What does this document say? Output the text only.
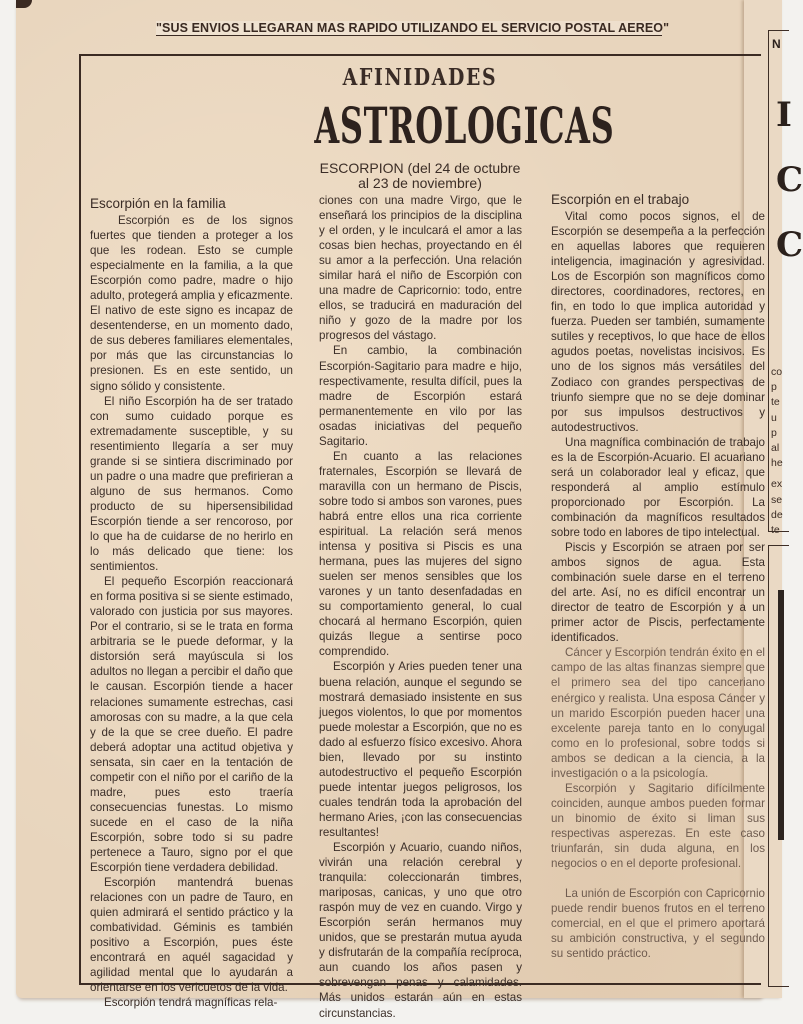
N
I
C
C
co
p
te
u
p
al
he
ex
se
de
te
"SUS ENVIOS LLEGARAN MAS RAPIDO UTILIZANDO EL SERVICIO POSTAL AEREO"
AFINIDADES
ASTROLOGICAS
ESCORPION (del 24 de octubre
al 23 de noviembre)
Escorpión en la familia

Escorpión es de los signos fuertes que tienden a proteger a los que les rodean. Esto se cumple especialmente en la familia, a la que Escorpión como padre, madre o hijo adulto, protegerá amplia y eficazmente. El nativo de este signo es incapaz de desentenderse, en un momento dado, de sus deberes familiares elementales, por más que las circunstancias lo presionen. Es en este sentido, un signo sólido y consistente.

El niño Escorpión ha de ser tratado con sumo cuidado porque es extremadamente susceptible, y su resentimiento llegaría a ser muy grande si se sintiera discriminado por un padre o una madre que prefirieran a alguno de sus hermanos. Como producto de su hipersensibilidad Escorpión tiende a ser rencoroso, por lo que ha de cuidarse de no herirlo en lo más delicado que tiene: los sentimientos.

El pequeño Escorpión reaccionará en forma positiva si se siente estimado, valorado con justicia por sus mayores. Por el contrario, si se le trata en forma arbitraria se le puede deformar, y la distorsión será mayúscula si los adultos no llegan a percibir el daño que le causan. Escorpión tiende a hacer relaciones sumamente estrechas, casi amorosas con su madre, a la que cela y de la que se cree dueño. El padre deberá adoptar una actitud objetiva y sensata, sin caer en la tentación de competir con el niño por el cariño de la madre, pues esto traería consecuencias funestas. Lo mismo sucede en el caso de la niña Escorpión, sobre todo si su padre pertenece a Tauro, signo por el que Escorpión tiene verdadera debilidad.

Escorpión mantendrá buenas relaciones con un padre de Tauro, en quien admirará el sentido práctico y la combatividad. Géminis es también positivo a Escorpión, pues éste encontrará en aquél sagacidad y agilidad mental que lo ayudarán a orientarse en los vericuetos de la vida.

Escorpión tendrá magníficas rela-

ciones con una madre Virgo, que le enseñará los principios de la disciplina y el orden, y le inculcará el amor a las cosas bien hechas, proyectando en él su amor a la perfección. Una relación similar hará el niño de Escorpión con una madre de Capricornio: todo, entre ellos, se traducirá en maduración del niño y gozo de la madre por los progresos del vástago.

En cambio, la combinación Escorpión-Sagitario para madre e hijo, respectivamente, resulta difícil, pues la madre de Escorpión estará permanentemente en vilo por las osadas iniciativas del pequeño Sagitario.

En cuanto a las relaciones fraternales, Escorpión se llevará de maravilla con un hermano de Piscis, sobre todo si ambos son varones, pues habrá entre ellos una rica corriente espiritual. La relación será menos intensa y positiva si Piscis es una hermana, pues las mujeres del signo suelen ser menos sensibles que los varones y un tanto desenfadadas en su comportamiento general, lo cual chocará al hermano Escorpión, quien quizás llegue a sentirse poco comprendido.

Escorpión y Aries pueden tener una buena relación, aunque el segundo se mostrará demasiado insistente en sus juegos violentos, lo que por momentos puede molestar a Escorpión, que no es dado al esfuerzo físico excesivo. Ahora bien, llevado por su instinto autodestructivo el pequeño Escorpión puede intentar juegos peligrosos, los cuales tendrán toda la aprobación del hermano Aries, ¡con las consecuencias resultantes!

Escorpión y Acuario, cuando niños, vivirán una relación cerebral y tranquila: coleccionarán timbres, mariposas, canicas, y uno que otro raspón muy de vez en cuando. Virgo y Escorpión serán hermanos muy unidos, que se prestarán mutua ayuda y disfrutarán de la compañía recíproca, aun cuando los años pasen y sobrevengan penas y calamidades. Más unidos estarán aún en estas circunstancias.

Escorpión en el trabajo

Vital como pocos signos, el de Escorpión se desempeña a la perfección en aquellas labores que requieren inteligencia, imaginación y agresividad. Los de Escorpión son magníficos como directores, coordinadores, rectores, en fin, en todo lo que implica autoridad y fuerza. Pueden ser también, sumamente sutiles y receptivos, lo que hace de ellos agudos poetas, novelistas incisivos. Es uno de los signos más versátiles del Zodiaco con grandes perspectivas de triunfo siempre que no se deje dominar por sus impulsos destructivos y autodestructivos.

Una magnífica combinación de trabajo es la de Escorpión-Acuario. El acuariano será un colaborador leal y eficaz, que responderá al amplio estímulo proporcionado por Escorpión. La combinación da magníficos resultados sobre todo en labores de tipo intelectual.

Piscis y Escorpión se atraen por ser ambos signos de agua. Esta combinación suele darse en el terreno del arte. Así, no es difícil encontrar un director de teatro de Escorpión y a un primer actor de Piscis, perfectamente identificados.

Cáncer y Escorpión tendrán éxito en el campo de las altas finanzas siempre que el primero sea del tipo canceriano enérgico y realista. Una esposa Cáncer y un marido Escorpión pueden hacer una excelente pareja tanto en lo conyugal como en lo profesional, sobre todos si ambos se dedican a la ciencia, a la investigación o a la psicología.

Escorpión y Sagitario difícilmente coinciden, aunque ambos pueden formar un binomio de éxito si liman sus respectivas asperezas. En este caso triunfarán, sin duda alguna, en los negocios o en el deporte profesional.

La unión de Escorpión con Capricornio puede rendir buenos frutos en el terreno comercial, en el que el primero aportará su ambición constructiva, y el segundo su sentido práctico.
